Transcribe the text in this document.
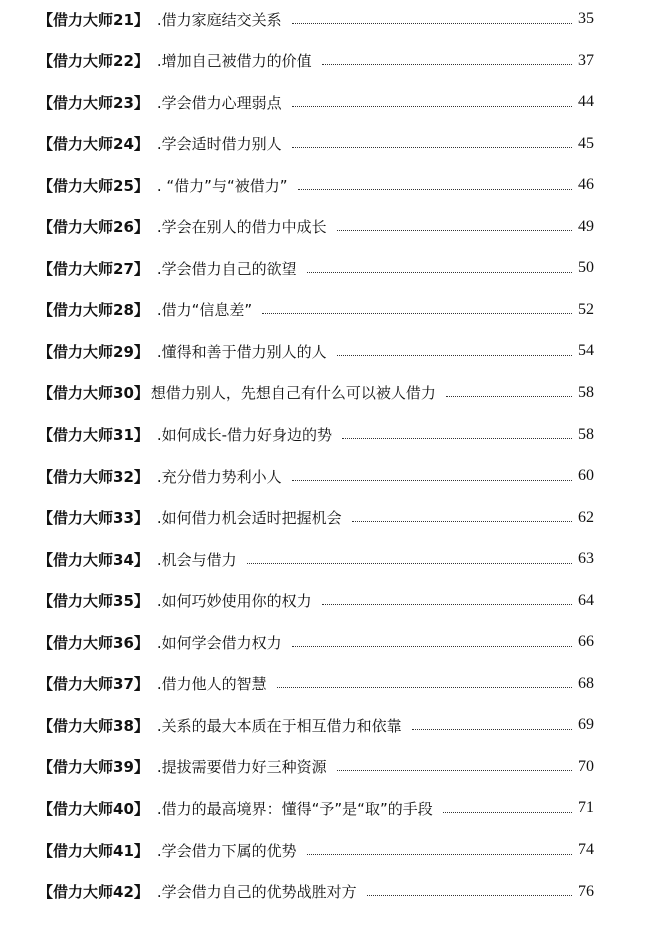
【借力大师21】 .借力家庭结交关系	35
【借力大师22】 .增加自己被借力的价值	37
【借力大师23】 .学会借力心理弱点	44
【借力大师24】 .学会适时借力别人	45
【借力大师25】 . “借力”与“被借力”	46
【借力大师26】 .学会在别人的借力中成长	49
【借力大师27】 .学会借力自己的欲望	50
【借力大师28】 .借力“信息差”	52
【借力大师29】 .懂得和善于借力别人的人	54
【借力大师30】 想借力别人，先想自己有什么可以被人借力	58
【借力大师31】 .如何成长-借力好身边的势	58
【借力大师32】 .充分借力势利小人	60
【借力大师33】 .如何借力机会适时把握机会	62
【借力大师34】 .机会与借力	63
【借力大师35】 .如何巧妙使用你的权力	64
【借力大师36】 .如何学会借力权力	66
【借力大师37】 .借力他人的智慧	68
【借力大师38】 .关系的最大本质在于相互借力和依靠	69
【借力大师39】 .提拔需要借力好三种资源	70
【借力大师40】 .借力的最高境界：懂得“予”是“取”的手段	71
【借力大师41】 .学会借力下属的优势	74
【借力大师42】 .学会借力自己的优势战胜对方	76
